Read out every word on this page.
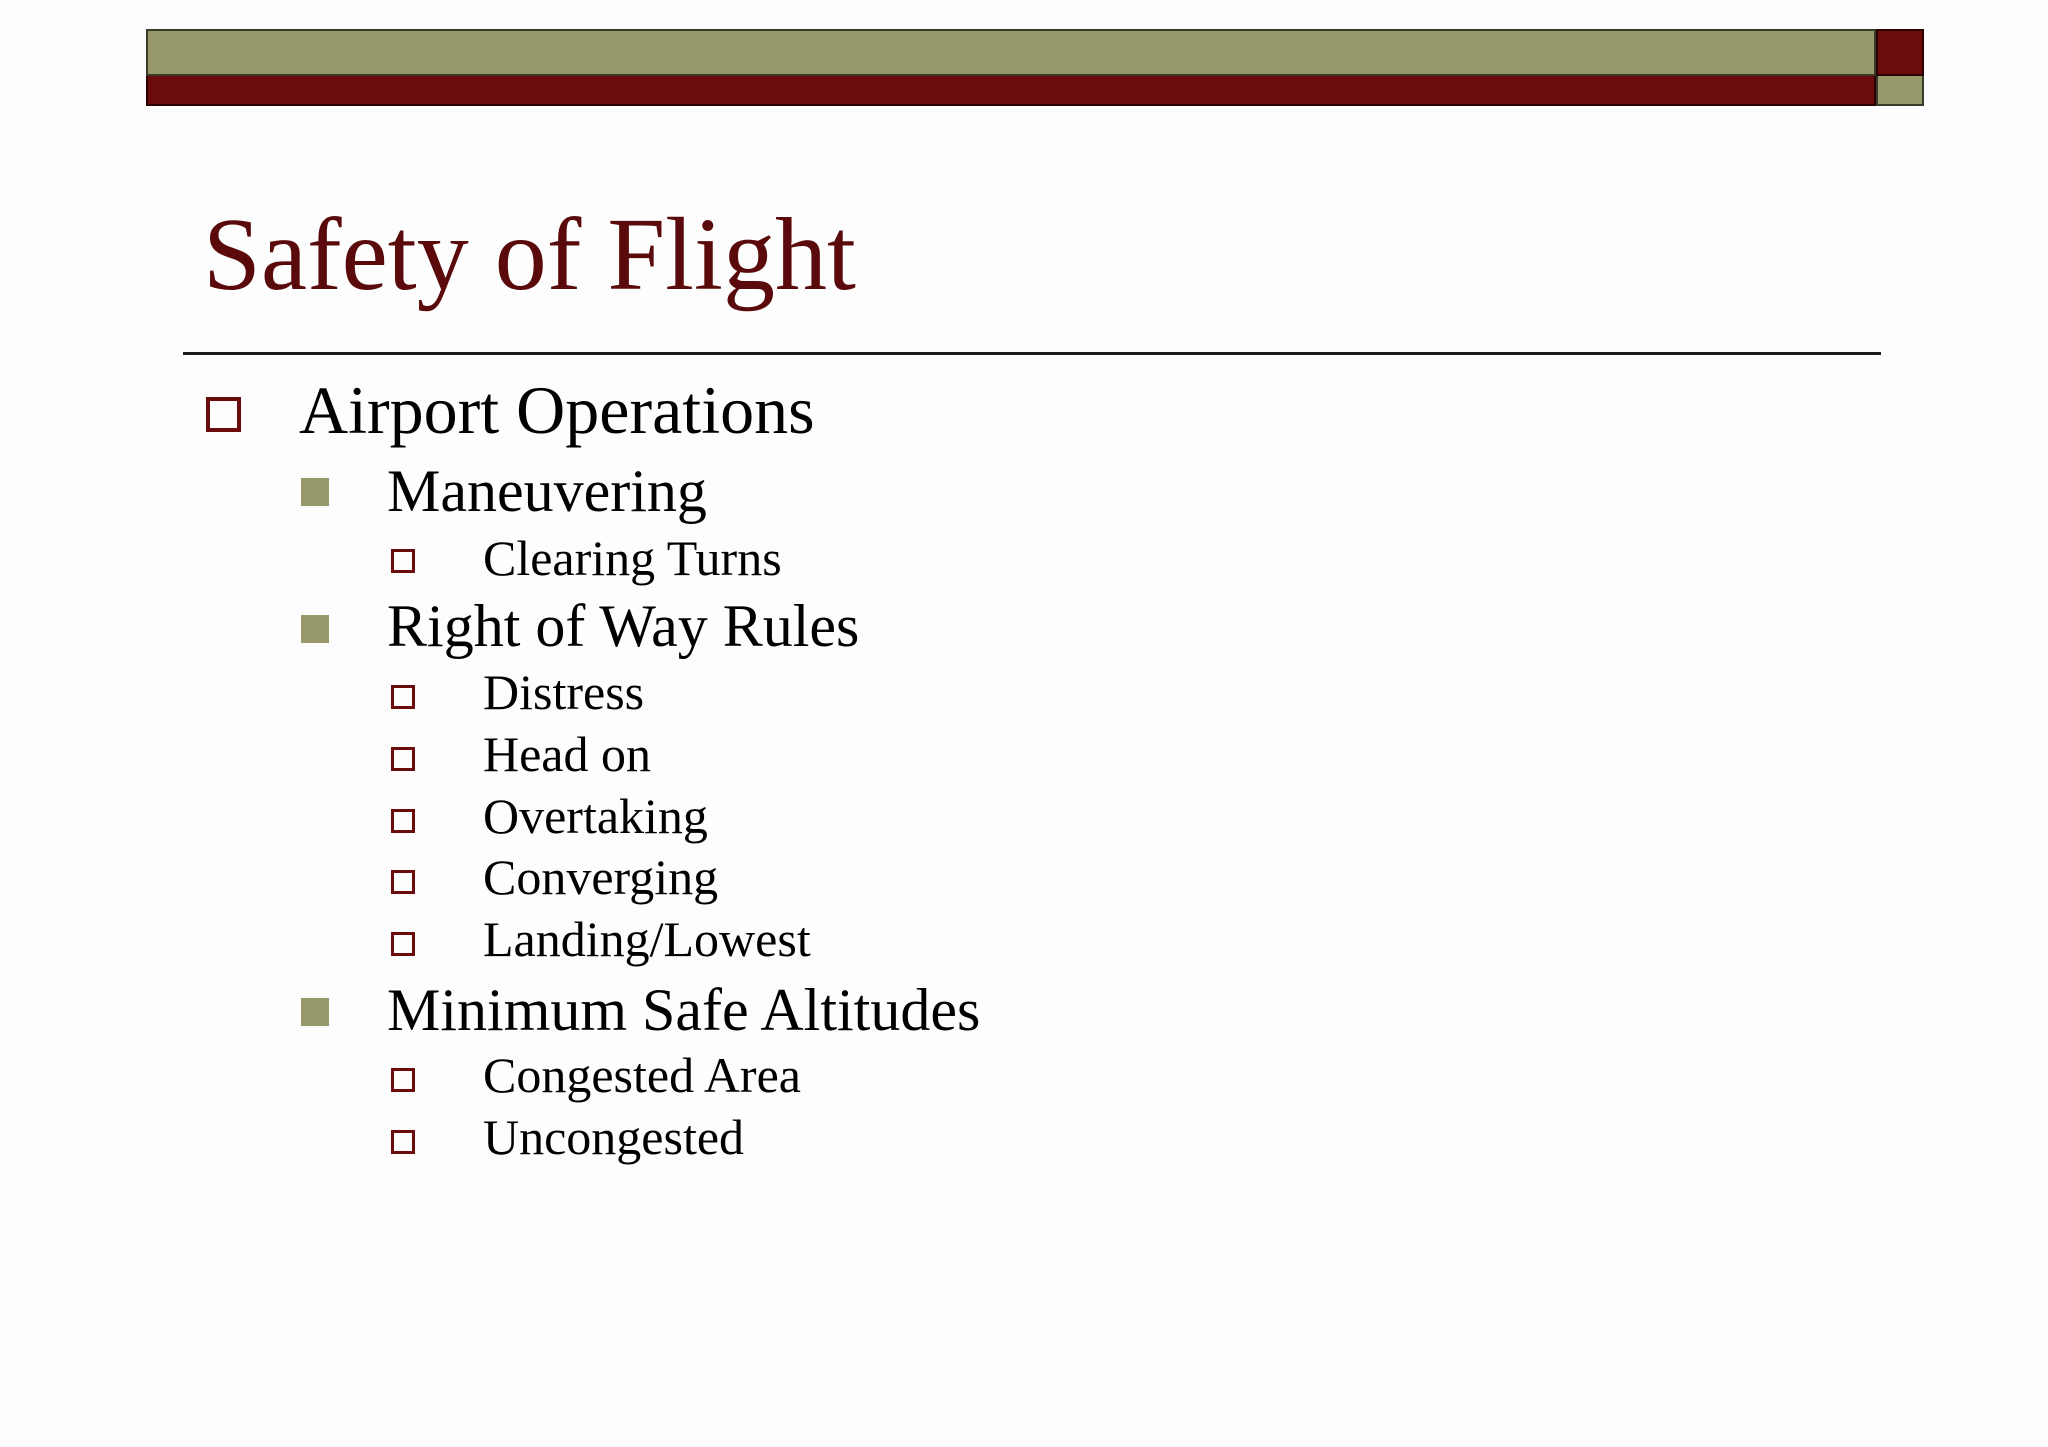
Safety of Flight
Airport Operations
Maneuvering
Clearing Turns
Right of Way Rules
Distress
Head on
Overtaking
Converging
Landing/Lowest
Minimum Safe Altitudes
Congested Area
Uncongested
